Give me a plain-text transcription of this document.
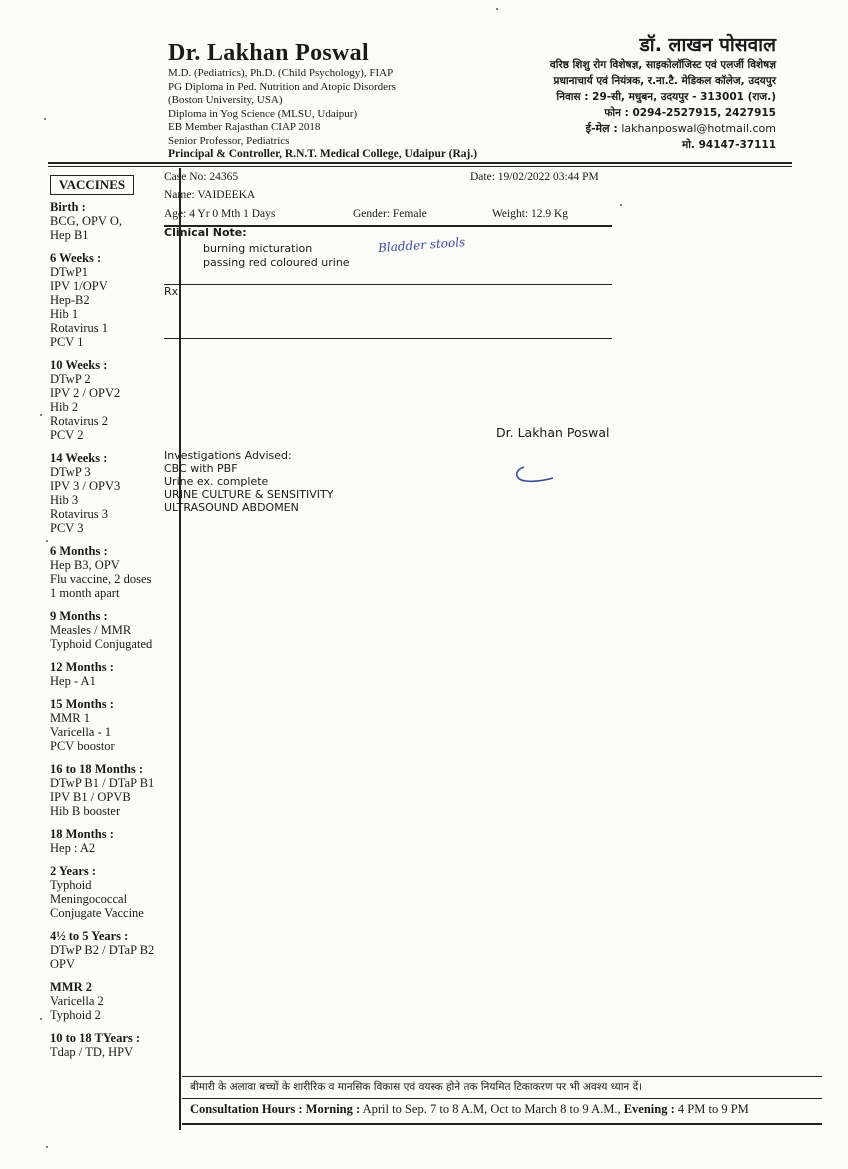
Dr. Lakhan Poswal
M.D. (Pediatrics), Ph.D. (Child Psychology), FIAP
PG Diploma in Ped. Nutrition and Atopic Disorders
(Boston University, USA)
Diploma in Yog Science (MLSU, Udaipur)
EB Member Rajasthan CIAP 2018
Senior Professor, Pediatrics
Principal & Controller, R.N.T. Medical College, Udaipur (Raj.)
डॉ. लाखन पोसवाल
वरिष्ठ शिशु रोग विशेषज्ञ, साइकोलॉजिस्ट एवं एलर्जी विशेषज्ञ
प्रधानाचार्य एवं नियंत्रक, र.ना.टै. मेडिकल कॉलेज, उदयपुर
निवास : 29-सी, मधुबन, उदयपुर - 313001 (राज.)
फोन : 0294-2527915, 2427915
ई-मेल : lakhanposwal@hotmail.com
मो. 94147-37111
VACCINES
Birth :
BCG, OPV O,
Hep B1
6 Weeks :
DTwP1
IPV 1/OPV
Hep-B2
Hib 1
Rotavirus 1
PCV 1
10 Weeks :
DTwP 2
IPV 2 / OPV2
Hib 2
Rotavirus 2
PCV 2
14 Weeks :
DTwP 3
IPV 3 / OPV3
Hib 3
Rotavirus 3
PCV 3
6 Months :
Hep B3, OPV
Flu vaccine, 2 doses
1 month apart
9 Months :
Measles / MMR
Typhoid Conjugated
12 Months :
Hep - A1
15 Months :
MMR 1
Varicella - 1
PCV boostor
16 to 18 Months :
DTwP B1 / DTaP B1
IPV B1 / OPVB
Hib B booster
18 Months :
Hep : A2
2 Years :
Typhoid
Meningococcal
Conjugate Vaccine
4½ to 5 Years :
DTwP B2 / DTaP B2
OPV
MMR 2
Varicella 2
Typhoid 2
10 to 18 TYears :
Tdap / TD, HPV
Case No: 24365	Date: 19/02/2022 03:44 PM
Name: VAIDEEKA
Age: 4 Yr 0 Mth 1 Days	Gender: Female	Weight: 12.9 Kg
Clinical Note:
burning micturation
passing red coloured urine
Bladder stools
Rx
Dr. Lakhan Poswal
Investigations Advised:
CBC with PBF
Urine ex. complete
URINE CULTURE & SENSITIVITY
ULTRASOUND ABDOMEN
बीमारी के अलावा बच्चों के शारीरिक व मानसिक विकास एवं वयस्क होने तक नियमित टिकाकरण पर भी अवश्य ध्यान दें।
Consultation Hours : Morning : April to Sep. 7 to 8 A.M, Oct to March 8 to 9 A.M., Evening : 4 PM to 9 PM
